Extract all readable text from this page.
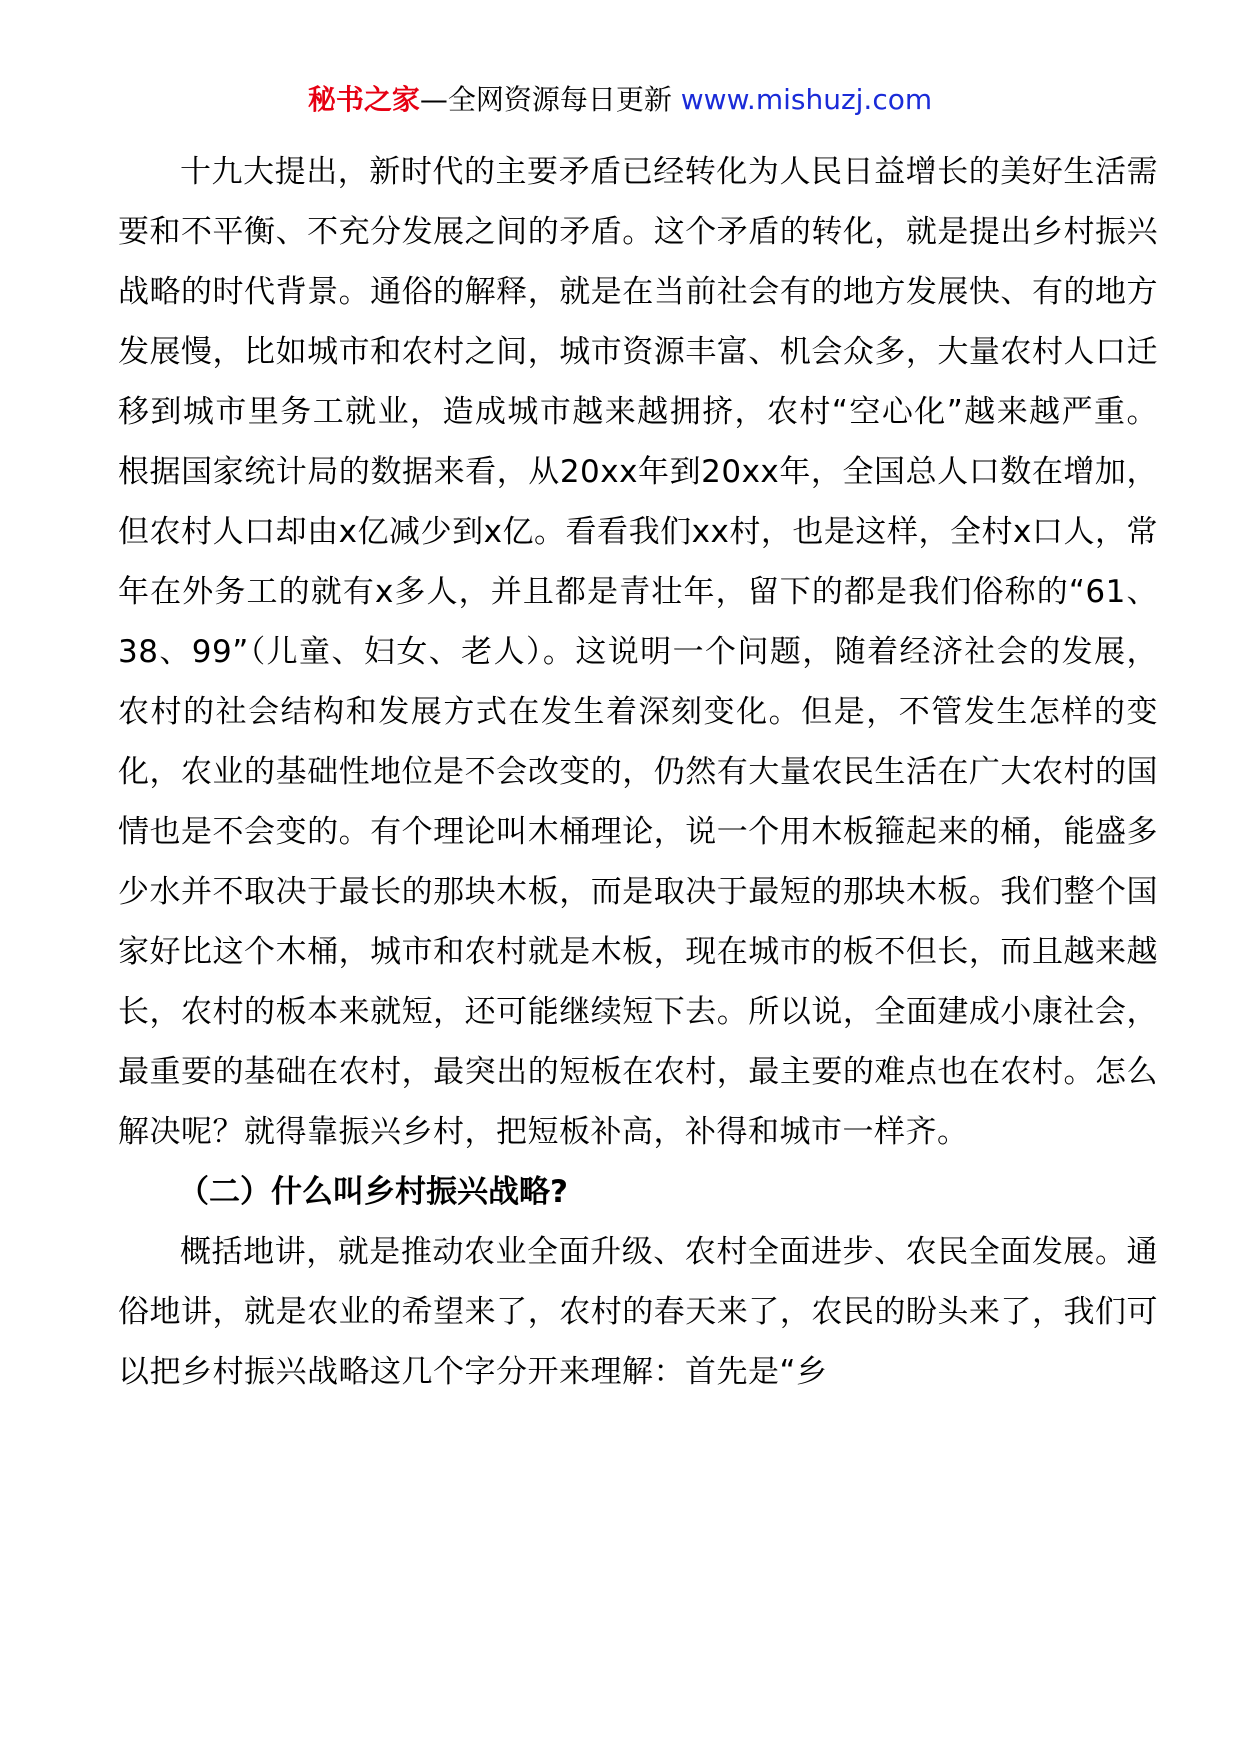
秘书之家—全网资源每日更新 www.mishuzj.com

十九大提出，新时代的主要矛盾已经转化为人民日益增长的美好生活需要和不平衡、不充分发展之间的矛盾。这个矛盾的转化，就是提出乡村振兴战略的时代背景。通俗的解释，就是在当前社会有的地方发展快、有的地方发展慢，比如城市和农村之间，城市资源丰富、机会众多，大量农村人口迁移到城市里务工就业，造成城市越来越拥挤，农村“空心化”越来越严重。根据国家统计局的数据来看，从20xx年到20xx年，全国总人口数在增加，但农村人口却由x亿减少到x亿。看看我们xx村，也是这样，全村x口人，常年在外务工的就有x多人，并且都是青壮年，留下的都是我们俗称的“61、38、99”（儿童、妇女、老人）。这说明一个问题，随着经济社会的发展，农村的社会结构和发展方式在发生着深刻变化。但是，不管发生怎样的变化，农业的基础性地位是不会改变的，仍然有大量农民生活在广大农村的国情也是不会变的。有个理论叫木桶理论，说一个用木板箍起来的桶，能盛多少水并不取决于最长的那块木板，而是取决于最短的那块木板。我们整个国家好比这个木桶，城市和农村就是木板，现在城市的板不但长，而且越来越长，农村的板本来就短，还可能继续短下去。所以说，全面建成小康社会，最重要的基础在农村，最突出的短板在农村，最主要的难点也在农村。怎么解决呢？就得靠振兴乡村，把短板补高，补得和城市一样齐。

（二）什么叫乡村振兴战略?

概括地讲，就是推动农业全面升级、农村全面进步、农民全面发展。通俗地讲，就是农业的希望来了，农村的春天来了，农民的盼头来了，我们可以把乡村振兴战略这几个字分开来理解：首先是“乡
